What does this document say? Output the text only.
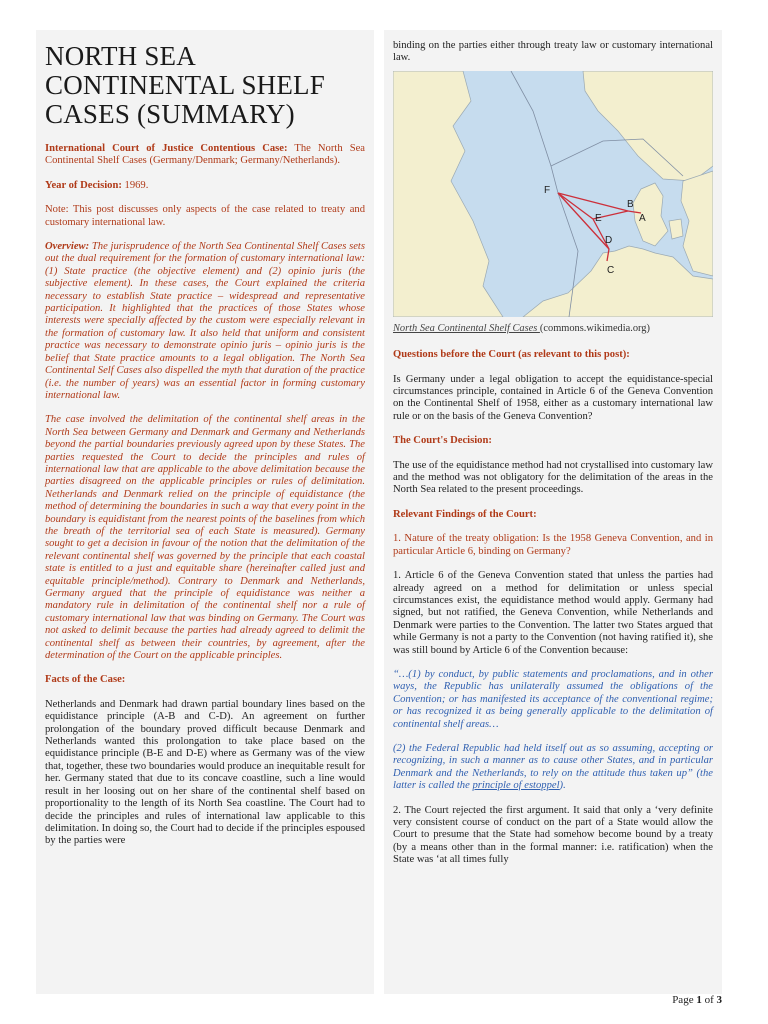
NORTH SEA CONTINENTAL SHELF CASES (SUMMARY)

International Court of Justice Contentious Case: The North Sea Continental Shelf Cases (Germany/Denmark; Germany/Netherlands).

Year of Decision: 1969.

Note: This post discusses only aspects of the case related to treaty and customary international law.

Overview: The jurisprudence of the North Sea Continental Shelf Cases sets out the dual requirement for the formation of customary international law: (1) State practice (the objective element) and (2) opinio juris (the subjective element). In these cases, the Court explained the criteria necessary to establish State practice – widespread and representative participation. It highlighted that the practices of those States whose interests were specially affected by the custom were especially relevant in the formation of customary law. It also held that uniform and consistent practice was necessary to demonstrate opinio juris – opinio juris is the belief that State practice amounts to a legal obligation. The North Sea Continental Self Cases also dispelled the myth that duration of the practice (i.e. the number of years) was an essential factor in forming customary international law.

The case involved the delimitation of the continental shelf areas in the North Sea between Germany and Denmark and Germany and Netherlands beyond the partial boundaries previously agreed upon by these States. The parties requested the Court to decide the principles and rules of international law that are applicable to the above delimitation because the parties disagreed on the applicable principles or rules of delimitation. Netherlands and Denmark relied on the principle of equidistance (the method of determining the boundaries in such a way that every point in the boundary is equidistant from the nearest points of the baselines from which the breath of the territorial sea of each State is measured). Germany sought to get a decision in favour of the notion that the delimitation of the relevant continental shelf was governed by the principle that each coastal state is entitled to a just and equitable share (hereinafter called just and equitable principle/method). Contrary to Denmark and Netherlands, Germany argued that the principle of equidistance was neither a mandatory rule in delimitation of the continental shelf nor a rule of customary international law that was binding on Germany. The Court was not asked to delimit because the parties had already agreed to delimit the continental shelf as between their countries, by agreement, after the determination of the Court on the applicable principles.

Facts of the Case:

Netherlands and Denmark had drawn partial boundary lines based on the equidistance principle (A-B and C-D). An agreement on further prolongation of the boundary proved difficult because Denmark and Netherlands wanted this prolongation to take place based on the equidistance principle (B-E and D-E) where as Germany was of the view that, together, these two boundaries would produce an inequitable result for her. Germany stated that due to its concave coastline, such a line would result in her loosing out on her share of the continental shelf based on proportionality to the length of its North Sea coastline. The Court had to decide the principles and rules of international law applicable to this delimitation. In doing so, the Court had to decide if the principles espoused by the parties were

binding on the parties either through treaty law or customary international law.

F
B
A
E
D
C
North Sea Continental Shelf Cases (commons.wikimedia.org)
Questions before the Court (as relevant to this post):

Is Germany under a legal obligation to accept the equidistance-special circumstances principle, contained in Article 6 of the Geneva Convention on the Continental Shelf of 1958, either as a customary international law rule or on the basis of the Geneva Convention?

The Court's Decision:

The use of the equidistance method had not crystallised into customary law and the method was not obligatory for the delimitation of the areas in the North Sea related to the present proceedings.

Relevant Findings of the Court:

1. Nature of the treaty obligation: Is the 1958 Geneva Convention, and in particular Article 6, binding on Germany?

1. Article 6 of the Geneva Convention stated that unless the parties had already agreed on a method for delimitation or unless special circumstances exist, the equidistance method would apply. Germany had signed, but not ratified, the Geneva Convention, while Netherlands and Denmark were parties to the Convention. The latter two States argued that while Germany is not a party to the Convention (not having ratified it), she was still bound by Article 6 of the Convention because:

“…(1) by conduct, by public statements and proclamations, and in other ways, the Republic has unilaterally assumed the obligations of the Convention; or has manifested its acceptance of the conventional regime; or has recognized it as being generally applicable to the delimitation of continental shelf areas…

(2) the Federal Republic had held itself out as so assuming, accepting or recognizing, in such a manner as to cause other States, and in particular Denmark and the Netherlands, to rely on the attitude thus taken up” (the latter is called the principle of estoppel).

2. The Court rejected the first argument. It said that only a ‘very definite very consistent course of conduct on the part of a State would allow the Court to presume that the State had somehow become bound by a treaty (by a means other than in the formal manner: i.e. ratification) when the State was ‘at all times fully

Page 1 of 3
